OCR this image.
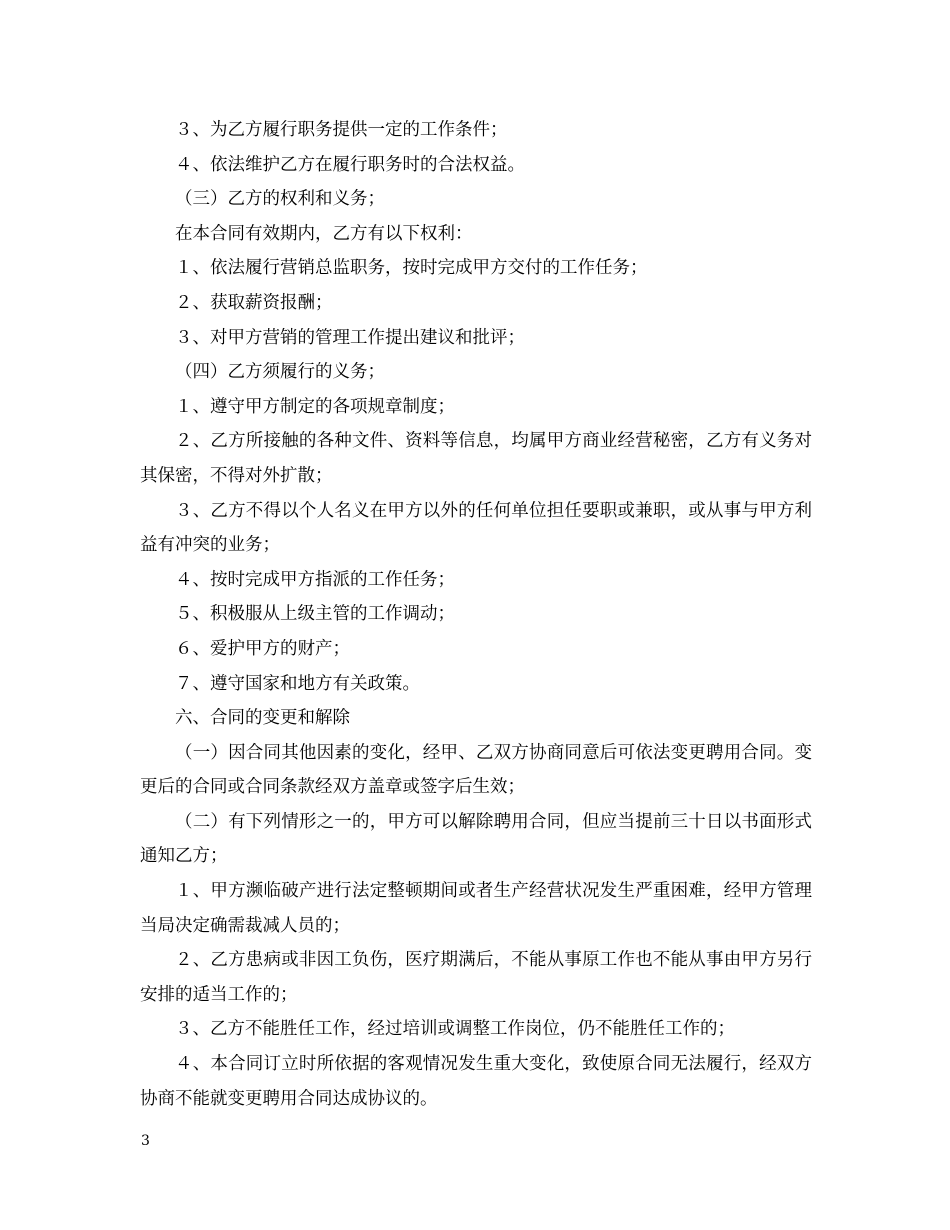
３、为乙方履行职务提供一定的工作条件；

４、依法维护乙方在履行职务时的合法权益。

（三）乙方的权利和义务；

在本合同有效期内，乙方有以下权利：

１、依法履行营销总监职务，按时完成甲方交付的工作任务；

２、获取薪资报酬；

３、对甲方营销的管理工作提出建议和批评；

（四）乙方须履行的义务；

１、遵守甲方制定的各项规章制度；

２、乙方所接触的各种文件、资料等信息，均属甲方商业经营秘密，乙方有义务对其保密，不得对外扩散；

３、乙方不得以个人名义在甲方以外的任何单位担任要职或兼职，或从事与甲方利益有冲突的业务；

４、按时完成甲方指派的工作任务；

５、积极服从上级主管的工作调动；

６、爱护甲方的财产；

７、遵守国家和地方有关政策。

六、合同的变更和解除

（一）因合同其他因素的变化，经甲、乙双方协商同意后可依法变更聘用合同。变更后的合同或合同条款经双方盖章或签字后生效；

（二）有下列情形之一的，甲方可以解除聘用合同，但应当提前三十日以书面形式通知乙方；

１、甲方濒临破产进行法定整顿期间或者生产经营状况发生严重困难，经甲方管理当局决定确需裁减人员的；

２、乙方患病或非因工负伤，医疗期满后，不能从事原工作也不能从事由甲方另行安排的适当工作的；

３、乙方不能胜任工作，经过培训或调整工作岗位，仍不能胜任工作的；

４、本合同订立时所依据的客观情况发生重大变化，致使原合同无法履行，经双方协商不能就变更聘用合同达成协议的。

3
